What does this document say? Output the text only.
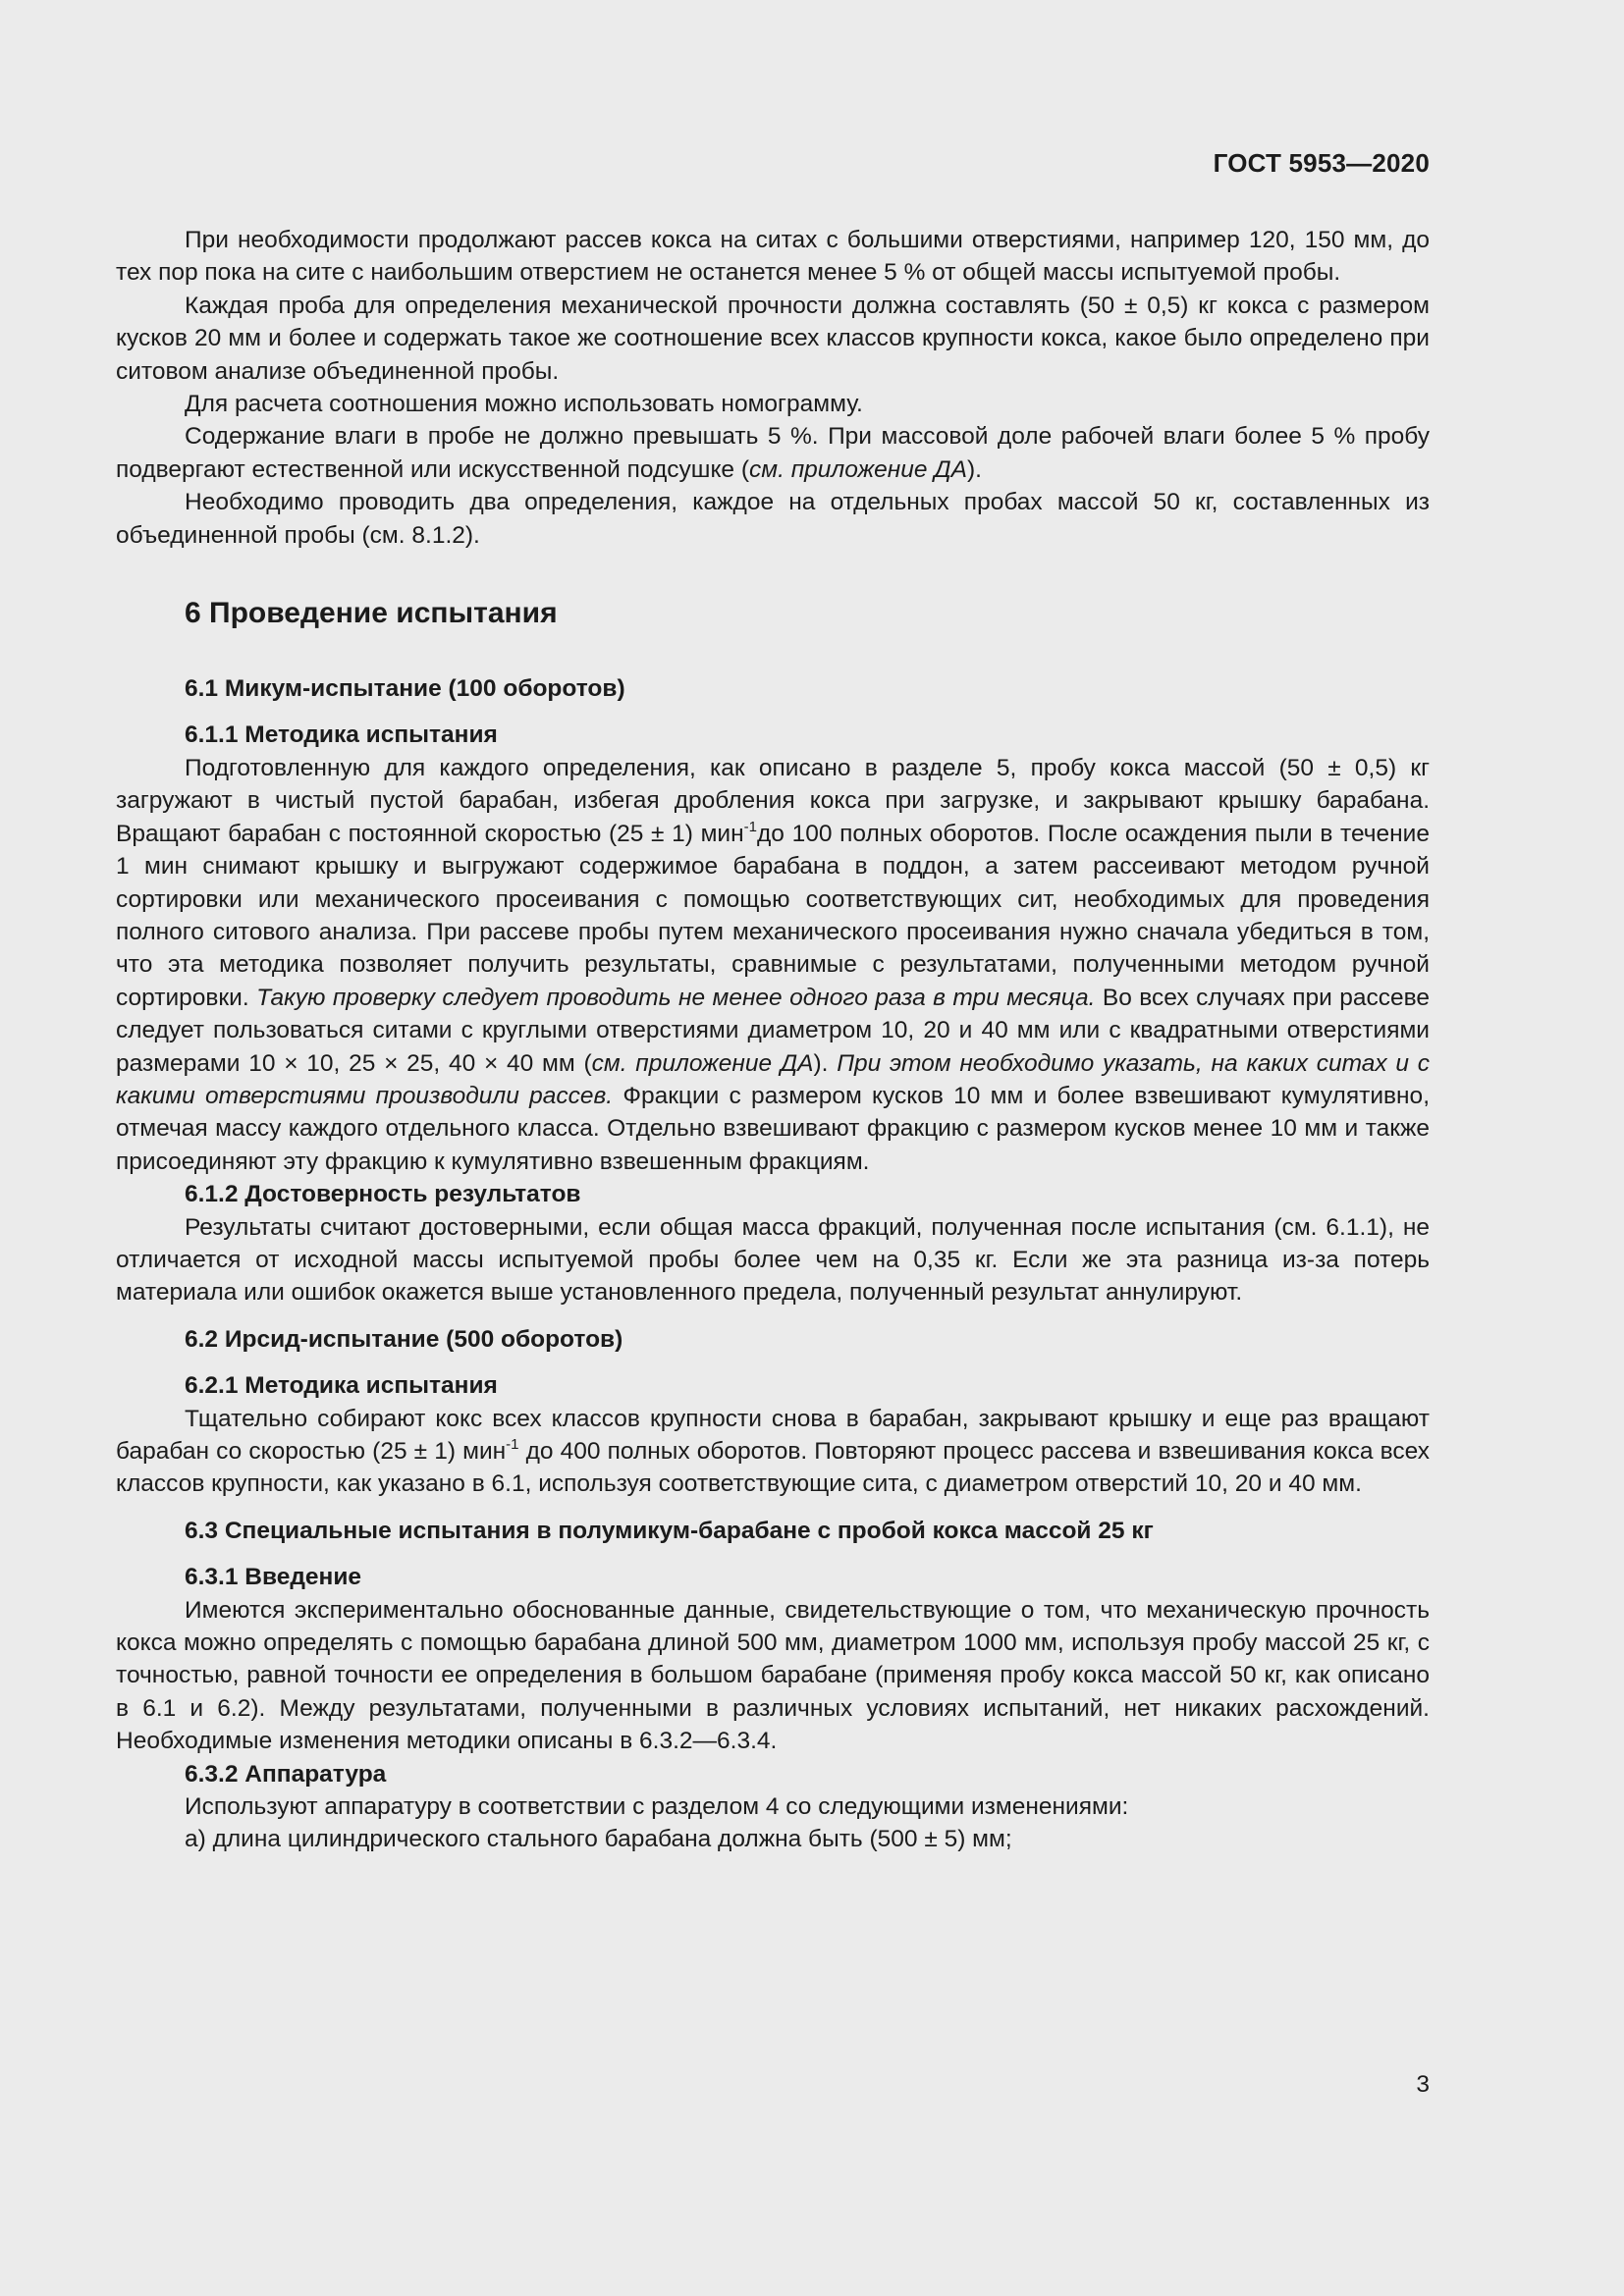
ГОСТ 5953—2020

При необходимости продолжают рассев кокса на ситах с большими отверстиями, например 120, 150 мм, до тех пор пока на сите с наибольшим отверстием не останется менее 5 % от общей массы испытуемой пробы.

Каждая проба для определения механической прочности должна составлять (50 ± 0,5) кг кокса с размером кусков 20 мм и более и содержать такое же соотношение всех классов крупности кокса, какое было определено при ситовом анализе объединенной пробы.

Для расчета соотношения можно использовать номограмму.

Содержание влаги в пробе не должно превышать 5 %. При массовой доле рабочей влаги более 5 % пробу подвергают естественной или искусственной подсушке (см. приложение ДА).

Необходимо проводить два определения, каждое на отдельных пробах массой 50 кг, составленных из объединенной пробы (см. 8.1.2).

6 Проведение испытания
6.1 Микум-испытание (100 оборотов)
6.1.1 Методика испытания

Подготовленную для каждого определения, как описано в разделе 5, пробу кокса массой (50 ± 0,5) кг загружают в чистый пустой барабан, избегая дробления кокса при загрузке, и закрывают крышку барабана. Вращают барабан с постоянной скоростью (25 ± 1) мин$^{-1}$до 100 полных оборотов. После осаждения пыли в течение 1 мин снимают крышку и выгружают содержимое барабана в поддон, а затем рассеивают методом ручной сортировки или механического просеивания с помощью соответствующих сит, необходимых для проведения полного ситового анализа. При рассеве пробы путем механического просеивания нужно сначала убедиться в том, что эта методика позволяет получить результаты, сравнимые с результатами, полученными методом ручной сортировки. Такую проверку следует проводить не менее одного раза в три месяца. Во всех случаях при рассеве следует пользоваться ситами с круглыми отверстиями диаметром 10, 20 и 40 мм или с квадратными отверстиями размерами 10 × 10, 25 × 25, 40 × 40 мм (см. приложение ДА). При этом необходимо указать, на каких ситах и с какими отверстиями производили рассев. Фракции с размером кусков 10 мм и более взвешивают кумулятивно, отмечая массу каждого отдельного класса. Отдельно взвешивают фракцию с размером кусков менее 10 мм и также присоединяют эту фракцию к кумулятивно взвешенным фракциям.

6.1.2 Достоверность результатов

Результаты считают достоверными, если общая масса фракций, полученная после испытания (см. 6.1.1), не отличается от исходной массы испытуемой пробы более чем на 0,35 кг. Если же эта разница из-за потерь материала или ошибок окажется выше установленного предела, полученный результат аннулируют.

6.2 Ирсид-испытание (500 оборотов)
6.2.1 Методика испытания

Тщательно собирают кокс всех классов крупности снова в барабан, закрывают крышку и еще раз вращают барабан со скоростью (25 ± 1) мин$^{-1}$ до 400 полных оборотов. Повторяют процесс рассева и взвешивания кокса всех классов крупности, как указано в 6.1, используя соответствующие сита, с диаметром отверстий 10, 20 и 40 мм.

6.3 Специальные испытания в полумикум-барабане с пробой кокса массой 25 кг
6.3.1 Введение

Имеются экспериментально обоснованные данные, свидетельствующие о том, что механическую прочность кокса можно определять с помощью барабана длиной 500 мм, диаметром 1000 мм, используя пробу массой 25 кг, с точностью, равной точности ее определения в большом барабане (применяя пробу кокса массой 50 кг, как описано в 6.1 и 6.2). Между результатами, полученными в различных условиях испытаний, нет никаких расхождений. Необходимые изменения методики описаны в 6.3.2—6.3.4.

6.3.2 Аппаратура

Используют аппаратуру в соответствии с разделом 4 со следующими изменениями:

а) длина цилиндрического стального барабана должна быть (500 ± 5) мм;

3
